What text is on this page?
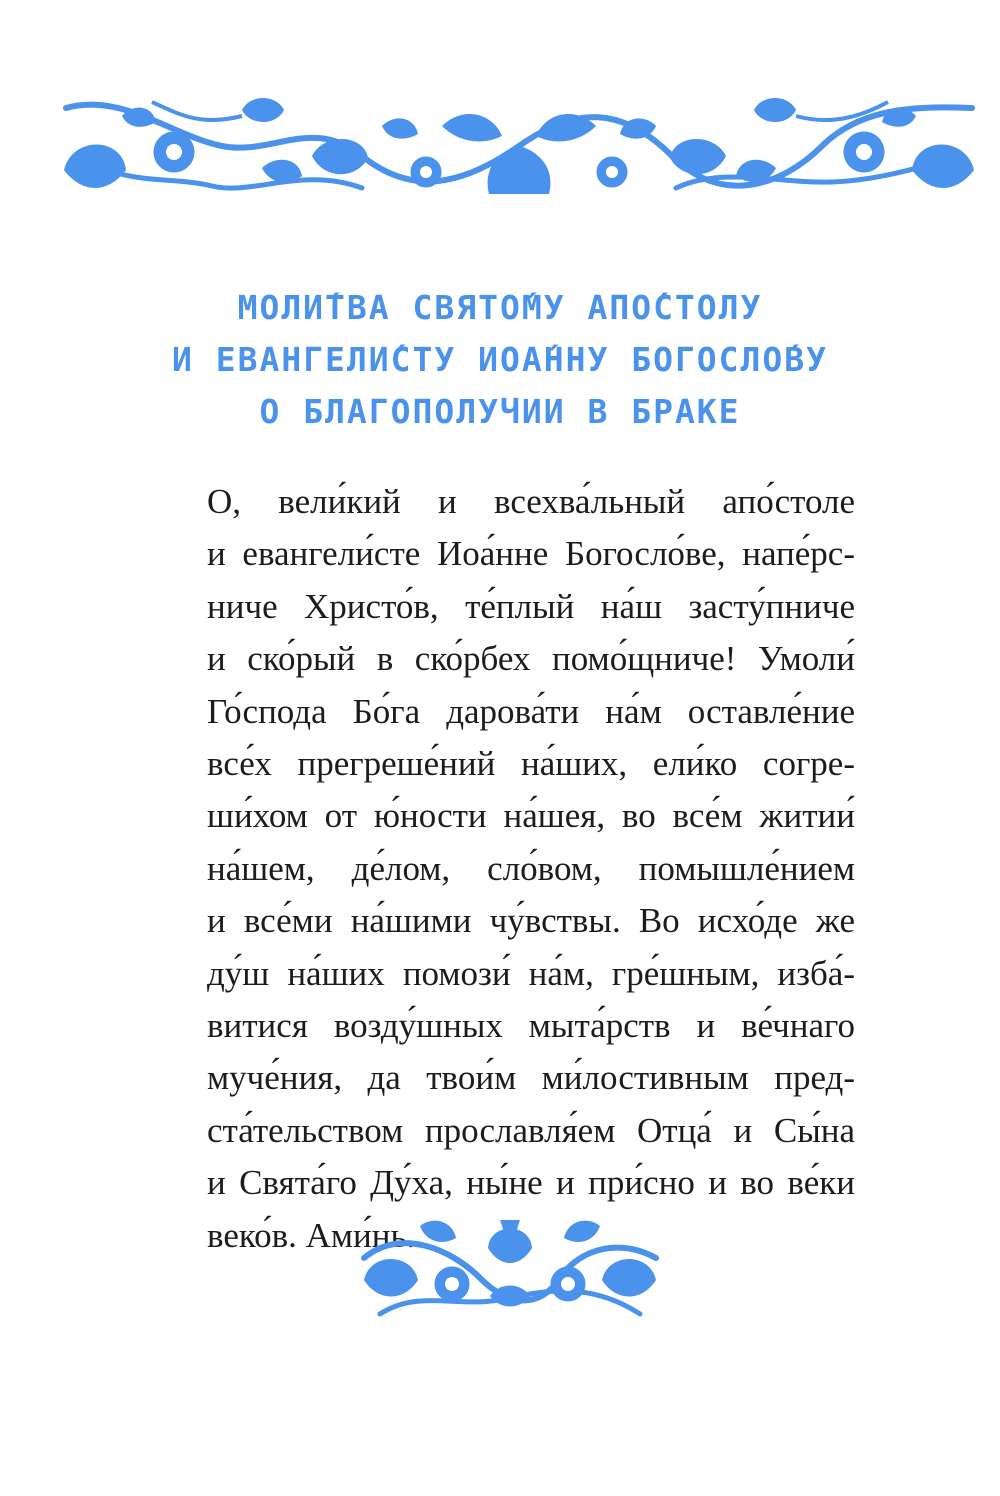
МОЛИ́ТВА СВЯТО́МУ АПО́СТОЛУ
И ЕВАНГЕЛИ́СТУ ИОА́ННУ БОГОСЛО́ВУ
О БЛАГОПОЛУЧИИ В БРАКЕ
О, вели́кий и всехва́льный апо́столе
и евангели́сте Иоа́нне Богосло́ве, напе́рс-
ниче Христо́в, те́плый на́ш засту́пниче
и ско́рый в ско́рбех помо́щниче! Умоли́
Го́спода Бо́га дарова́ти на́м оставле́ние
все́х прегреше́ний на́ших, ели́ко согре-
ши́хом от ю́ности на́шея, во все́м житии́
на́шем, де́лом, сло́вом, помышле́нием
и все́ми на́шими чу́вствы. Во исхо́де же
ду́ш на́ших помози́ на́м, гре́шным, изба́-
витися возду́шных мыта́рств и ве́чнаго
муче́ния, да твои́м ми́лостивным пред-
ста́тельством прославля́ем Отца́ и Сы́на
и Свята́го Ду́ха, ны́не и при́сно и во ве́ки
веко́в. Ами́нь.
